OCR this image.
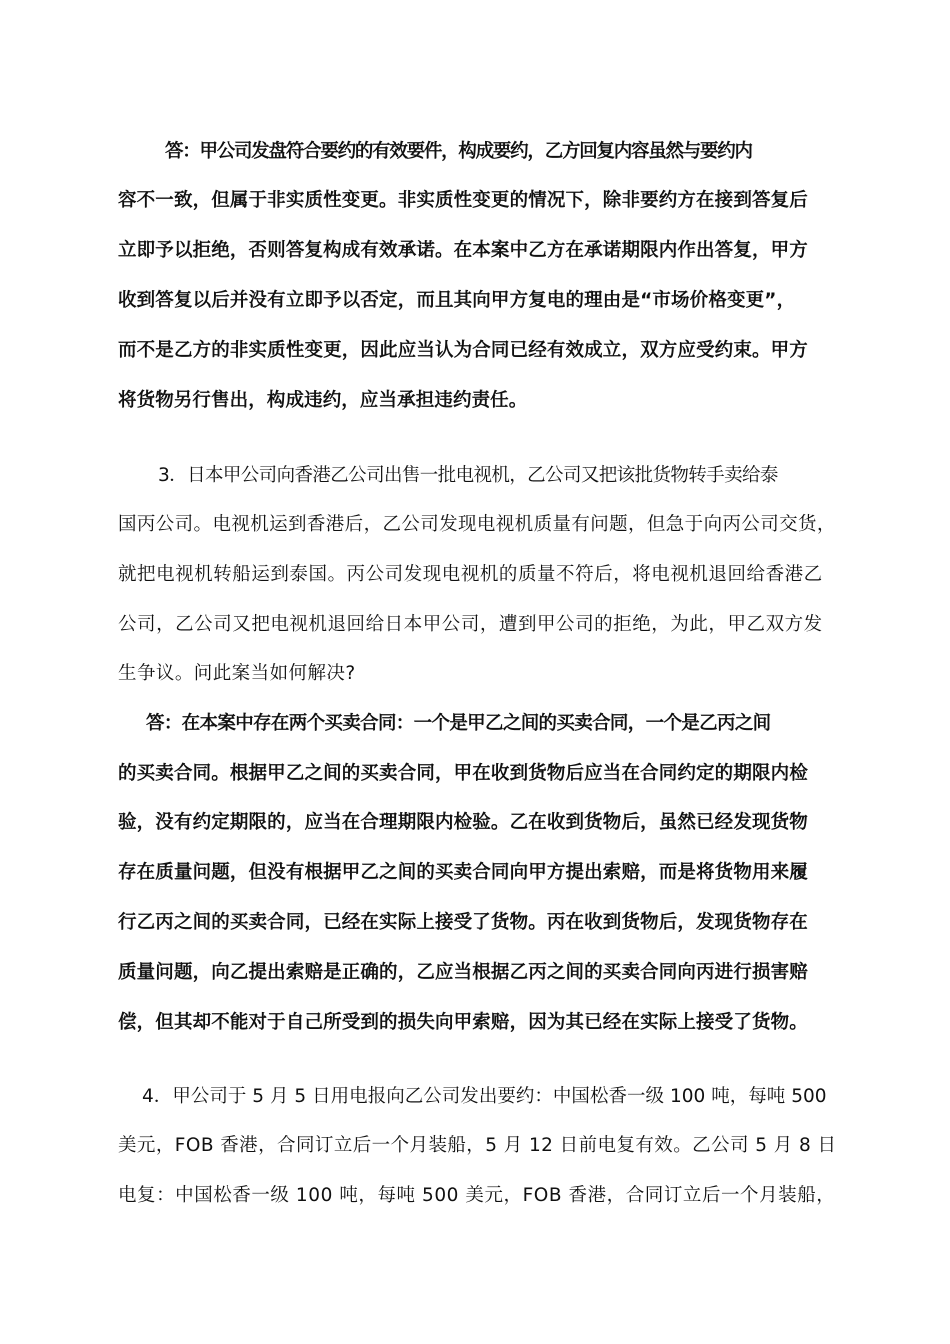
答：甲公司发盘符合要约的有效要件，构成要约，乙方回复内容虽然与要约内
容不一致，但属于非实质性变更。非实质性变更的情况下，除非要约方在接到答复后
立即予以拒绝，否则答复构成有效承诺。在本案中乙方在承诺期限内作出答复，甲方
收到答复以后并没有立即予以否定，而且其向甲方复电的理由是“市场价格变更”，
而不是乙方的非实质性变更，因此应当认为合同已经有效成立，双方应受约束。甲方
将货物另行售出，构成违约，应当承担违约责任。
3．日本甲公司向香港乙公司出售一批电视机，乙公司又把该批货物转手卖给泰
国丙公司。电视机运到香港后，乙公司发现电视机质量有问题，但急于向丙公司交货，
就把电视机转船运到泰国。丙公司发现电视机的质量不符后，将电视机退回给香港乙
公司，乙公司又把电视机退回给日本甲公司，遭到甲公司的拒绝，为此，甲乙双方发
生争议。问此案当如何解决?
答：在本案中存在两个买卖合同：一个是甲乙之间的买卖合同，一个是乙丙之间
的买卖合同。根据甲乙之间的买卖合同，甲在收到货物后应当在合同约定的期限内检
验，没有约定期限的，应当在合理期限内检验。乙在收到货物后，虽然已经发现货物
存在质量问题，但没有根据甲乙之间的买卖合同向甲方提出索赔，而是将货物用来履
行乙丙之间的买卖合同，已经在实际上接受了货物。丙在收到货物后，发现货物存在
质量问题，向乙提出索赔是正确的，乙应当根据乙丙之间的买卖合同向丙进行损害赔
偿，但其却不能对于自己所受到的损失向甲索赔，因为其已经在实际上接受了货物。
4．甲公司于 5 月 5 日用电报向乙公司发出要约：中国松香一级 100 吨，每吨 500
美元，FOB 香港，合同订立后一个月装船，5 月 12 日前电复有效。乙公司 5 月 8 日
电复：中国松香一级 100 吨，每吨 500 美元，FOB 香港，合同订立后一个月装船，
